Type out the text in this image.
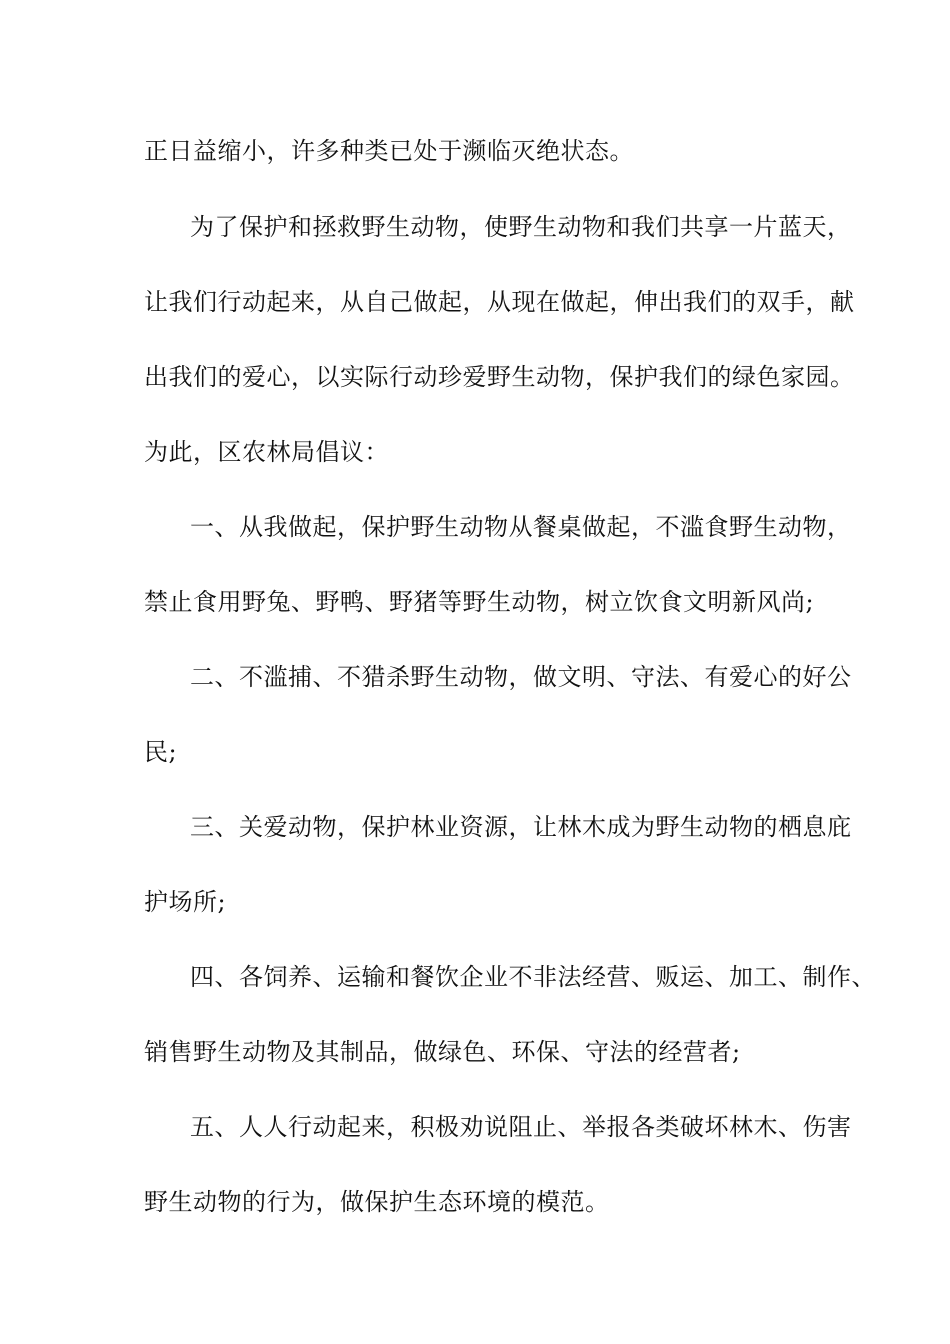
正日益缩小，许多种类已处于濒临灭绝状态。
为了保护和拯救野生动物，使野生动物和我们共享一片蓝天，
让我们行动起来，从自己做起，从现在做起，伸出我们的双手，献
出我们的爱心，以实际行动珍爱野生动物，保护我们的绿色家园。
为此，区农林局倡议：
一、从我做起，保护野生动物从餐桌做起，不滥食野生动物，
禁止食用野兔、野鸭、野猪等野生动物，树立饮食文明新风尚;
二、不滥捕、不猎杀野生动物，做文明、守法、有爱心的好公
民;
三、关爱动物，保护林业资源，让林木成为野生动物的栖息庇
护场所;
四、各饲养、运输和餐饮企业不非法经营、贩运、加工、制作、
销售野生动物及其制品，做绿色、环保、守法的经营者;
五、人人行动起来，积极劝说阻止、举报各类破坏林木、伤害
野生动物的行为，做保护生态环境的模范。
